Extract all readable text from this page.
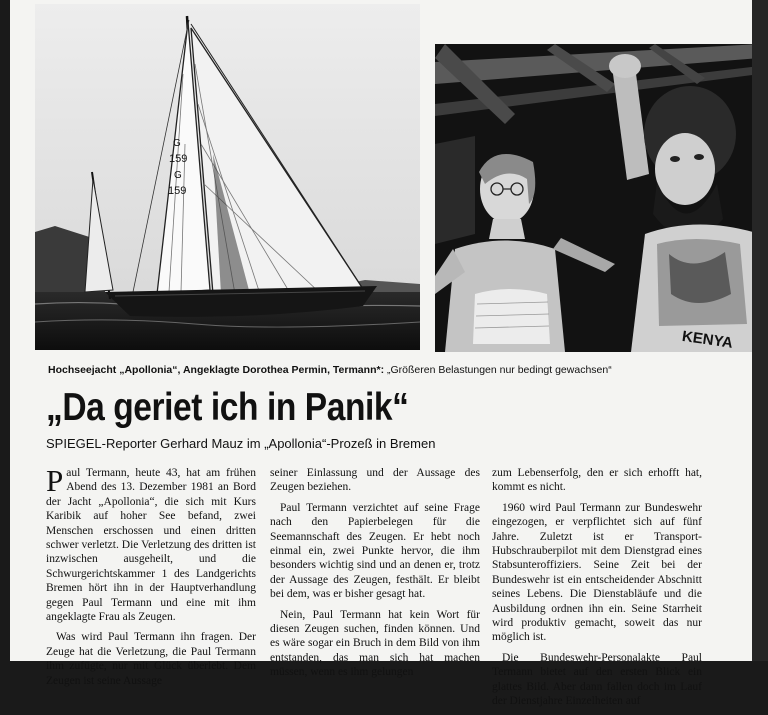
G
159
G
159
KENYA
Hochseejacht „Apollonia“, Angeklagte Dorothea Permin, Termann*: „Größeren Belastungen nur bedingt gewachsen“
„Da geriet ich in Panik“
SPIEGEL-Reporter Gerhard Mauz im „Apollonia“-Prozeß in Bremen

Paul Termann, heute 43, hat am frühen Abend des 13. Dezember 1981 an Bord der Jacht „Apollonia“, die sich mit Kurs Karibik auf hoher See befand, zwei Menschen erschossen und einen dritten schwer verletzt. Die Verletzung des dritten ist inzwischen ausgeheilt, und die Schwurgerichtskammer 1 des Landgerichts Bremen hört ihn in der Hauptverhandlung gegen Paul Termann und eine mit ihm angeklagte Frau als Zeugen.

Was wird Paul Termann ihn fragen. Der Zeuge hat die Verletzung, die Paul Termann ihm zufügte, nur mit Glück überlebt. Dem Zeugen ist seine Aussage

seiner Einlassung und der Aussage des Zeugen beziehen.

Paul Termann verzichtet auf seine Frage nach den Papierbelegen für die Seemannschaft des Zeugen. Er hebt noch einmal ein, zwei Punkte hervor, die ihm besonders wichtig sind und an denen er, trotz der Aussage des Zeugen, festhält. Er bleibt bei dem, was er bisher gesagt hat.

Nein, Paul Termann hat kein Wort für diesen Zeugen suchen, finden können. Und es wäre sogar ein Bruch in dem Bild von ihm entstanden, das man sich hat machen müssen, wenn es ihm gelungen

zum Lebenserfolg, den er sich erhofft hat, kommt es nicht.

1960 wird Paul Termann zur Bundeswehr eingezogen, er verpflichtet sich auf fünf Jahre. Zuletzt ist er Transport-Hubschrauberpilot mit dem Dienstgrad eines Stabsunteroffiziers. Seine Zeit bei der Bundeswehr ist ein entscheidender Abschnitt seines Lebens. Die Dienstabläufe und die Ausbildung ordnen ihn ein. Seine Starrheit wird produktiv gemacht, soweit das nur möglich ist.

Die Bundeswehr-Personalakte Paul Termann bietet auf den ersten Blick ein glattes Bild. Aber dann fallen doch im Lauf der Dienstjahre Einzelheiten auf
